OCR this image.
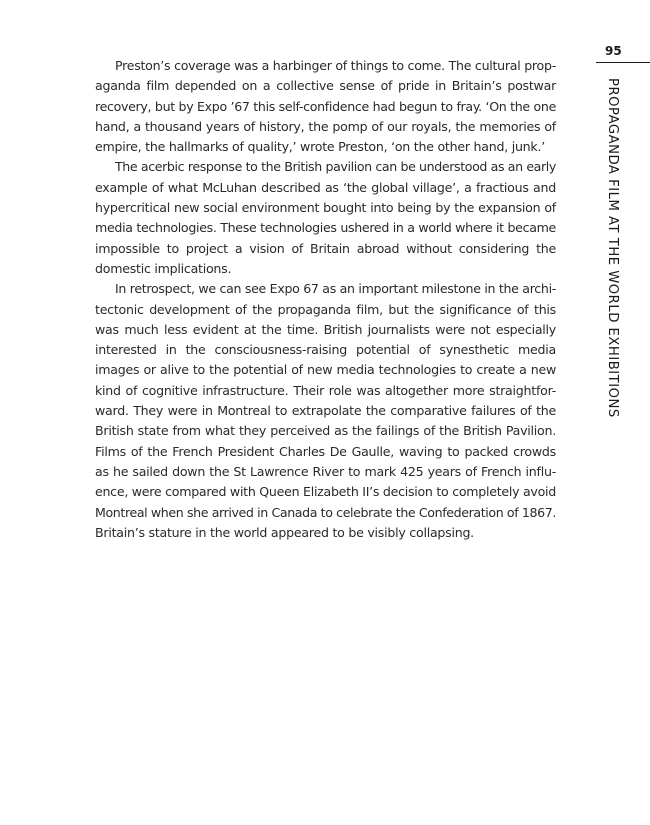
95
PROPAGANDA FILM AT THE WORLD EXHIBITIONS
Preston’s coverage was a harbinger of things to come. The cultural prop-
aganda film depended on a collective sense of pride in Britain’s postwar
recovery, but by Expo ’67 this self-confidence had begun to fray. ‘On the one
hand, a thousand years of history, the pomp of our royals, the memories of
empire, the hallmarks of quality,’ wrote Preston, ‘on the other hand, junk.’
The acerbic response to the British pavilion can be understood as an early
example of what McLuhan described as ‘the global village’, a fractious and
hypercritical new social environment bought into being by the expansion of
media technologies. These technologies ushered in a world where it became
impossible to project a vision of Britain abroad without considering the
domestic implications.
In retrospect, we can see Expo 67 as an important milestone in the archi-
tectonic development of the propaganda film, but the significance of this
was much less evident at the time. British journalists were not especially
interested in the consciousness-raising potential of synesthetic media
images or alive to the potential of new media technologies to create a new
kind of cognitive infrastructure. Their role was altogether more straightfor-
ward. They were in Montreal to extrapolate the comparative failures of the
British state from what they perceived as the failings of the British Pavilion.
Films of the French President Charles De Gaulle, waving to packed crowds
as he sailed down the St Lawrence River to mark 425 years of French influ-
ence, were compared with Queen Elizabeth II’s decision to completely avoid
Montreal when she arrived in Canada to celebrate the Confederation of 1867.
Britain’s stature in the world appeared to be visibly collapsing.
